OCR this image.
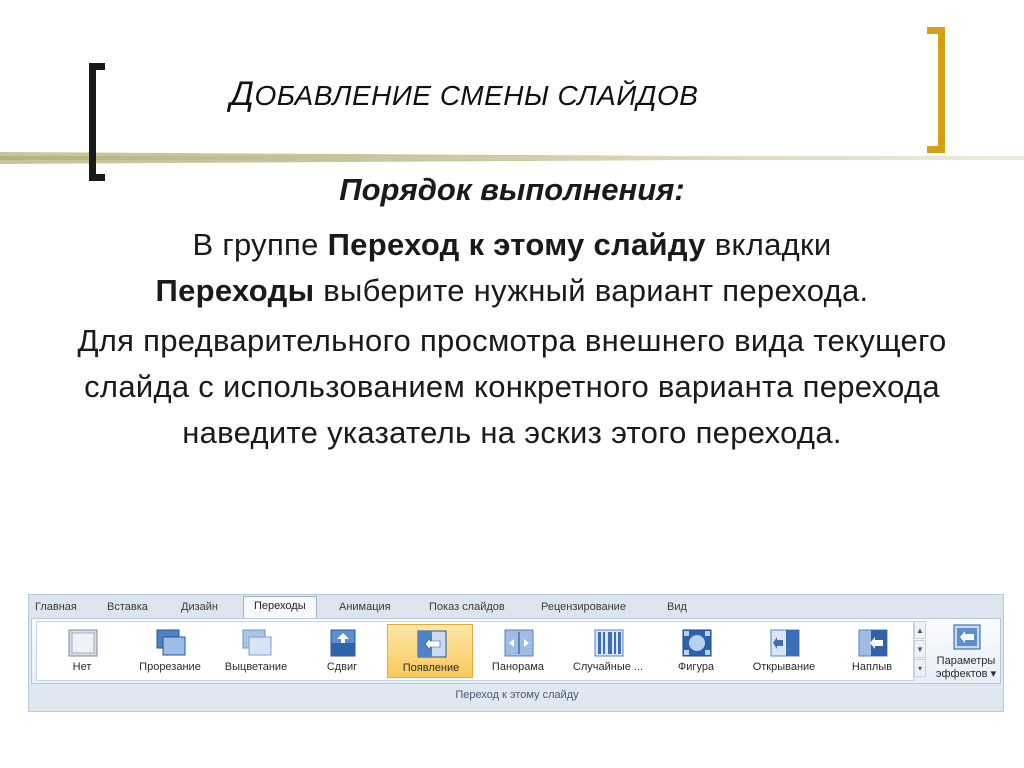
ДОБАВЛЕНИЕ СМЕНЫ СЛАЙДОВ
Порядок выполнения:
В группе Переход к этому слайду вкладки
Переходы выберите нужный вариант перехода.
Для предварительного просмотра внешнего вида текущего слайда с использованием конкретного варианта перехода наведите указатель на эскиз этого перехода.
Главная	Вставка	Дизайн	Переходы	Анимация	Показ слайдов	Рецензирование	Вид
Нет	Прорезание	Выцветание	Сдвиг	Появление	Панорама	Случайные ...	Фигура	Открывание	Наплыв
▲
▼
▾
Параметры
эффектов ▾
Переход к этому слайду
